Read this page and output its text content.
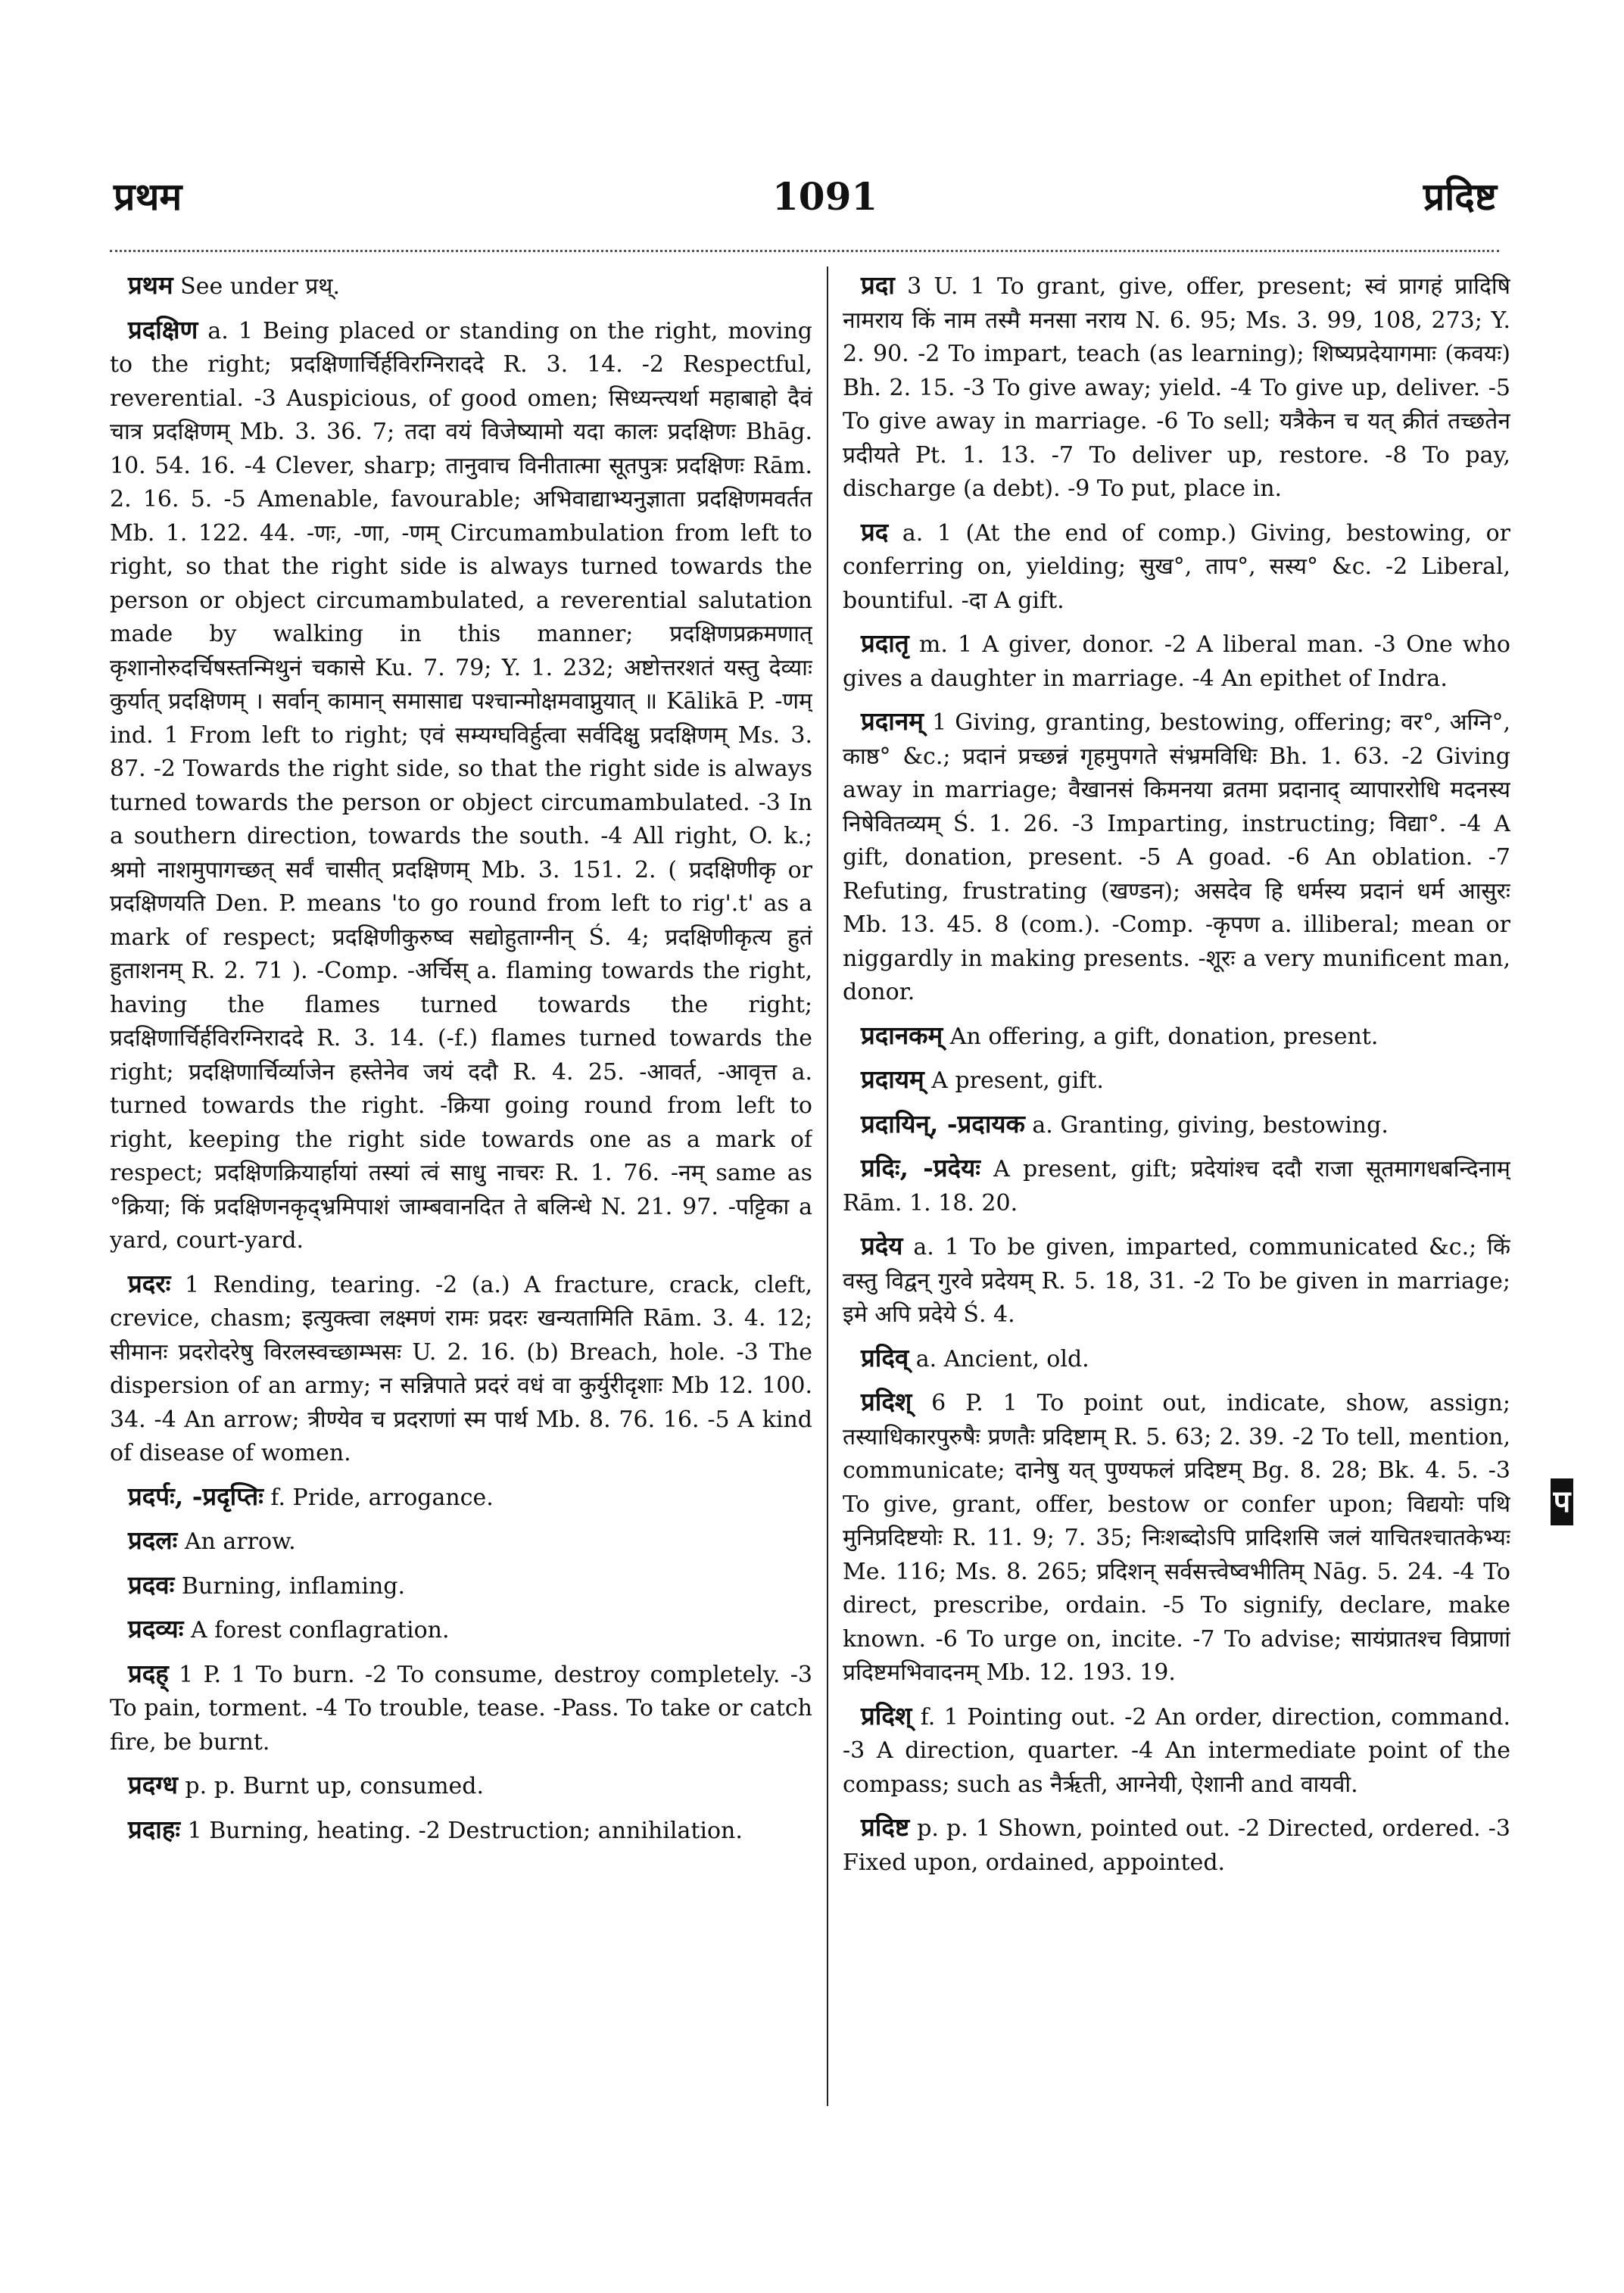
प्रथम	1091	प्रदिष्ट

प्रथम See under प्रथ्.

प्रदक्षिण a. 1 Being placed or standing on the right, moving to the right; प्रदक्षिणार्चिर्हविरग्निराददे R. 3. 14. -2 Respectful, reverential. -3 Auspicious, of good omen; सिध्यन्त्यर्था महाबाहो दैवं चात्र प्रदक्षिणम् Mb. 3. 36. 7; तदा वयं विजेष्यामो यदा कालः प्रदक्षिणः Bhāg. 10. 54. 16. -4 Clever, sharp; तानुवाच विनीतात्मा सूतपुत्रः प्रदक्षिणः Rām. 2. 16. 5. -5 Amenable, favourable; अभिवाद्याभ्यनुज्ञाता प्रदक्षिणमवर्तत Mb. 1. 122. 44. -णः, -णा, -णम् Circumambulation from left to right, so that the right side is always turned towards the person or object circumambulated, a reverential salutation made by walking in this manner; प्रदक्षिणप्रक्रमणात् कृशानोरुदर्चिषस्तन्मिथुनं चकासे Ku. 7. 79; Y. 1. 232; अष्टोत्तरशतं यस्तु देव्याः कुर्यात् प्रदक्षिणम् । सर्वान् कामान् समासाद्य पश्चान्मोक्षमवाप्नुयात् ॥ Kālikā P. -णम् ind. 1 From left to right; एवं सम्यग्घविर्हुत्वा सर्वदिक्षु प्रदक्षिणम् Ms. 3. 87. -2 Towards the right side, so that the right side is always turned towards the person or object circumambulated. -3 In a southern direction, towards the south. -4 All right, O. k.; श्रमो नाशमुपागच्छत् सर्वं चासीत् प्रदक्षिणम् Mb. 3. 151. 2. ( प्रदक्षिणीकृ or प्रदक्षिणयति Den. P. means 'to go round from left to rig'.t' as a mark of respect; प्रदक्षिणीकुरुष्व सद्योहुताग्नीन् Ś. 4; प्रदक्षिणीकृत्य हुतं हुताशनम् R. 2. 71 ). -Comp. -अर्चिस् a. flaming towards the right, having the flames turned towards the right; प्रदक्षिणार्चिर्हविरग्निराददे R. 3. 14. (-f.) flames turned towards the right; प्रदक्षिणार्चिर्व्याजेन हस्तेनेव जयं ददौ R. 4. 25. -आवर्त, -आवृत्त a. turned towards the right. -क्रिया going round from left to right, keeping the right side towards one as a mark of respect; प्रदक्षिणक्रियार्हायां तस्यां त्वं साधु नाचरः R. 1. 76. -नम् same as °क्रिया; किं प्रदक्षिणनकृद्भ्रमिपाशं जाम्बवानदित ते बलिन्धे N. 21. 97. -पट्टिका a yard, court-yard.

प्रदरः 1 Rending, tearing. -2 (a.) A fracture, crack, cleft, crevice, chasm; इत्युक्त्वा लक्ष्मणं रामः प्रदरः खन्यतामिति Rām. 3. 4. 12; सीमानः प्रदरोदरेषु विरलस्वच्छाम्भसः U. 2. 16. (b) Breach, hole. -3 The dispersion of an army; न सन्निपाते प्रदरं वधं वा कुर्युरीदृशाः Mb 12. 100. 34. -4 An arrow; त्रीण्येव च प्रदराणां स्म पार्थ Mb. 8. 76. 16. -5 A kind of disease of women.

प्रदर्पः, -प्रदृप्तिः f. Pride, arrogance.

प्रदलः An arrow.

प्रदवः Burning, inflaming.

प्रदव्यः A forest conflagration.

प्रदह् 1 P. 1 To burn. -2 To consume, destroy completely. -3 To pain, torment. -4 To trouble, tease. -Pass. To take or catch fire, be burnt.

प्रदग्ध p. p. Burnt up, consumed.

प्रदाहः 1 Burning, heating. -2 Destruction; annihilation.

प्रदा 3 U. 1 To grant, give, offer, present; स्वं प्रागहं प्रादिषि नामराय किं नाम तस्मै मनसा नराय N. 6. 95; Ms. 3. 99, 108, 273; Y. 2. 90. -2 To impart, teach (as learning); शिष्यप्रदेयागमाः (कवयः) Bh. 2. 15. -3 To give away; yield. -4 To give up, deliver. -5 To give away in marriage. -6 To sell; यत्रैकेन च यत् क्रीतं तच्छतेन प्रदीयते Pt. 1. 13. -7 To deliver up, restore. -8 To pay, discharge (a debt). -9 To put, place in.

प्रद a. 1 (At the end of comp.) Giving, bestowing, or conferring on, yielding; सुख°, ताप°, सस्य° &c. -2 Liberal, bountiful. -दा A gift.

प्रदातृ m. 1 A giver, donor. -2 A liberal man. -3 One who gives a daughter in marriage. -4 An epithet of Indra.

प्रदानम् 1 Giving, granting, bestowing, offering; वर°, अग्नि°, काष्ठ° &c.; प्रदानं प्रच्छन्नं गृहमुपगते संभ्रमविधिः Bh. 1. 63. -2 Giving away in marriage; वैखानसं किमनया व्रतमा प्रदानाद् व्यापाररोधि मदनस्य निषेवितव्यम् Ś. 1. 26. -3 Imparting, instructing; विद्या°. -4 A gift, donation, present. -5 A goad. -6 An oblation. -7 Refuting, frustrating (खण्डन); असदेव हि धर्मस्य प्रदानं धर्म आसुरः Mb. 13. 45. 8 (com.). -Comp. -कृपण a. illiberal; mean or niggardly in making presents. -शूरः a very munificent man, donor.

प्रदानकम् An offering, a gift, donation, present.

प्रदायम् A present, gift.

प्रदायिन्, -प्रदायक a. Granting, giving, bestowing.

प्रदिः, -प्रदेयः A present, gift; प्रदेयांश्च ददौ राजा सूतमागधबन्दिनाम् Rām. 1. 18. 20.

प्रदेय a. 1 To be given, imparted, communicated &c.; किं वस्तु विद्वन् गुरवे प्रदेयम् R. 5. 18, 31. -2 To be given in marriage; इमे अपि प्रदेये Ś. 4.

प्रदिव् a. Ancient, old.

प्रदिश् 6 P. 1 To point out, indicate, show, assign; तस्याधिकारपुरुषैः प्रणतैः प्रदिष्टाम् R. 5. 63; 2. 39. -2 To tell, mention, communicate; दानेषु यत् पुण्यफलं प्रदिष्टम् Bg. 8. 28; Bk. 4. 5. -3 To give, grant, offer, bestow or confer upon; विद्ययोः पथि मुनिप्रदिष्टयोः R. 11. 9; 7. 35; निःशब्दोऽपि प्रादिशसि जलं याचितश्चातकेभ्यः Me. 116; Ms. 8. 265; प्रदिशन् सर्वसत्त्वेष्वभीतिम् Nāg. 5. 24. -4 To direct, prescribe, ordain. -5 To signify, declare, make known. -6 To urge on, incite. -7 To advise; सायंप्रातश्च विप्राणां प्रदिष्टमभिवादनम् Mb. 12. 193. 19.

प्रदिश् f. 1 Pointing out. -2 An order, direction, command. -3 A direction, quarter. -4 An intermediate point of the compass; such as नैर्ऋती, आग्नेयी, ऐशानी and वायवी.

प्रदिष्ट p. p. 1 Shown, pointed out. -2 Directed, ordered. -3 Fixed upon, ordained, appointed.

प
